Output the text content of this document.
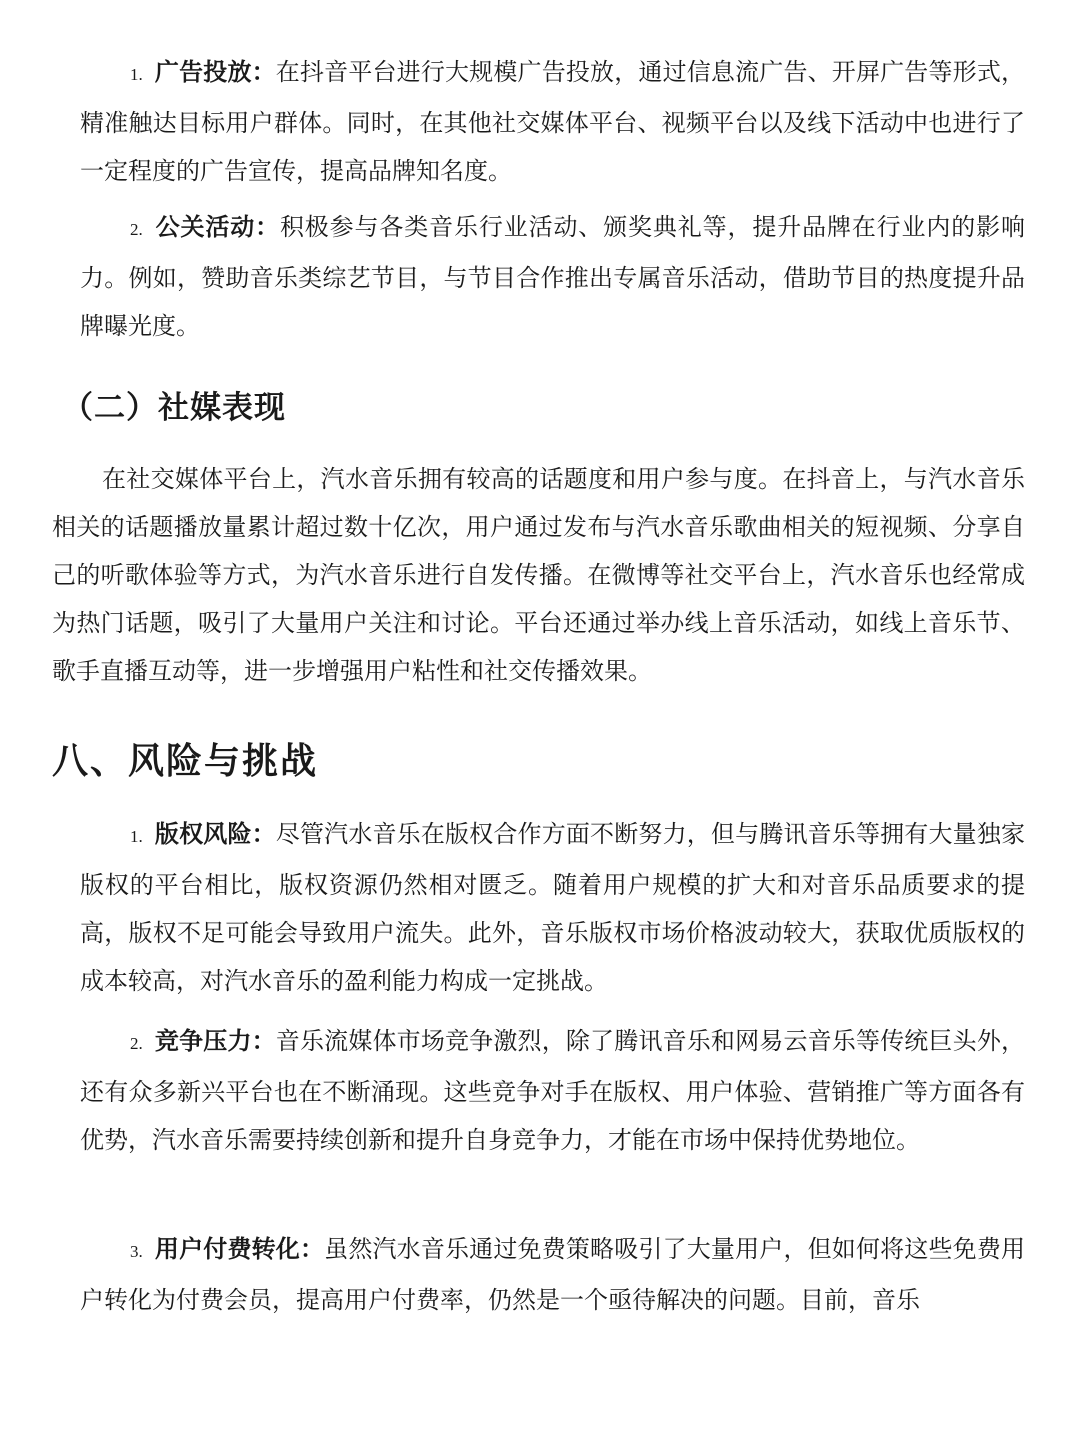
1. 广告投放：在抖音平台进行大规模广告投放，通过信息流广告、开屏广告等形式，精准触达目标用户群体。同时，在其他社交媒体平台、视频平台以及线下活动中也进行了一定程度的广告宣传，提高品牌知名度。
2. 公关活动：积极参与各类音乐行业活动、颁奖典礼等，提升品牌在行业内的影响力。例如，赞助音乐类综艺节目，与节目合作推出专属音乐活动，借助节目的热度提升品牌曝光度。
（二）社媒表现
在社交媒体平台上，汽水音乐拥有较高的话题度和用户参与度。在抖音上，与汽水音乐相关的话题播放量累计超过数十亿次，用户通过发布与汽水音乐歌曲相关的短视频、分享自己的听歌体验等方式，为汽水音乐进行自发传播。在微博等社交平台上，汽水音乐也经常成为热门话题，吸引了大量用户关注和讨论。平台还通过举办线上音乐活动，如线上音乐节、歌手直播互动等，进一步增强用户粘性和社交传播效果。
八、风险与挑战
1. 版权风险：尽管汽水音乐在版权合作方面不断努力，但与腾讯音乐等拥有大量独家版权的平台相比，版权资源仍然相对匮乏。随着用户规模的扩大和对音乐品质要求的提高，版权不足可能会导致用户流失。此外，音乐版权市场价格波动较大，获取优质版权的成本较高，对汽水音乐的盈利能力构成一定挑战。
2. 竞争压力：音乐流媒体市场竞争激烈，除了腾讯音乐和网易云音乐等传统巨头外，还有众多新兴平台也在不断涌现。这些竞争对手在版权、用户体验、营销推广等方面各有优势，汽水音乐需要持续创新和提升自身竞争力，才能在市场中保持优势地位。
3. 用户付费转化：虽然汽水音乐通过免费策略吸引了大量用户，但如何将这些免费用户转化为付费会员，提高用户付费率，仍然是一个亟待解决的问题。目前，音乐
